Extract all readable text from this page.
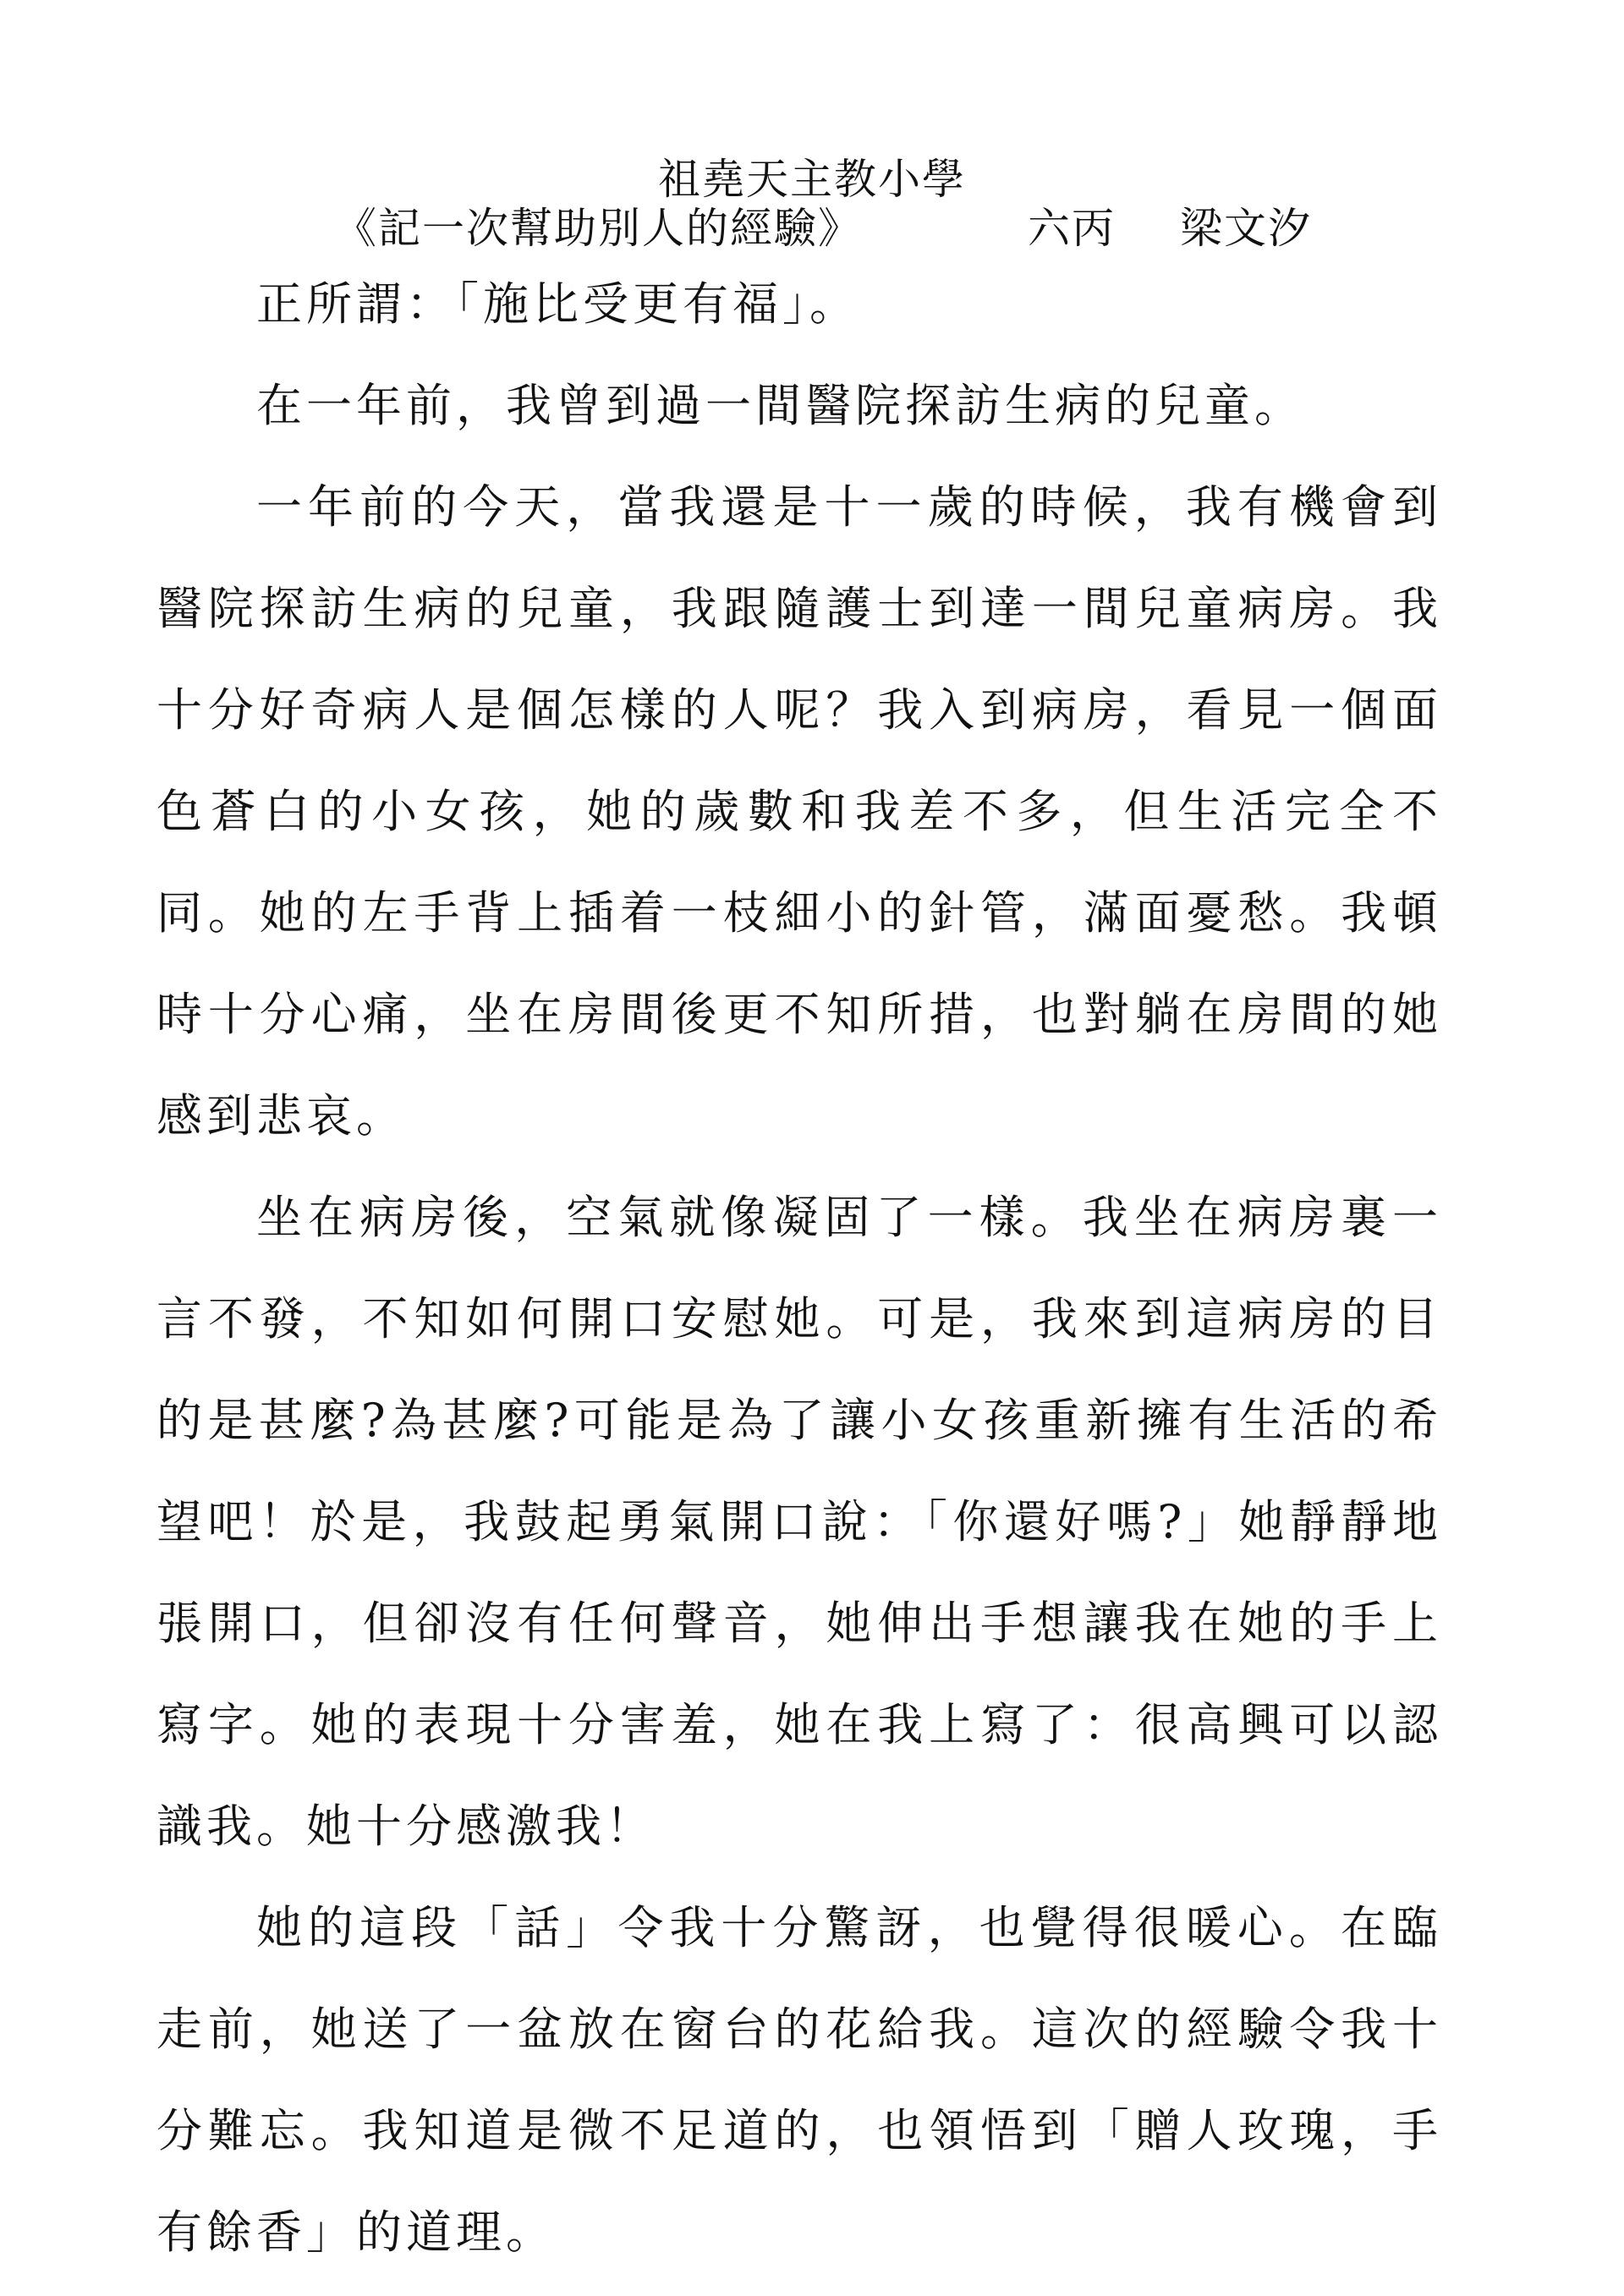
祖堯天主教小學
《記一次幫助別人的經驗》	六丙 梁文汐

正所謂：「施比受更有福」。

在一年前，我曾到過一間醫院探訪生病的兒童。

一年前的今天，當我還是十一歲的時候，我有機會到醫院探訪生病的兒童，我跟隨護士到達一間兒童病房。我十分好奇病人是個怎樣的人呢？我入到病房，看見一個面色蒼白的小女孩，她的歲數和我差不多，但生活完全不同。她的左手背上插着一枝細小的針管，滿面憂愁。我頓時十分心痛，坐在房間後更不知所措，也對躺在房間的她感到悲哀。

坐在病房後，空氣就像凝固了一樣。我坐在病房裏一言不發，不知如何開口安慰她。可是，我來到這病房的目的是甚麼?為甚麼?可能是為了讓小女孩重新擁有生活的希望吧！於是，我鼓起勇氣開口說：「你還好嗎?」她靜靜地張開口，但卻沒有任何聲音，她伸出手想讓我在她的手上寫字。她的表現十分害羞，她在我上寫了：很高興可以認識我。她十分感激我！

她的這段「話」令我十分驚訝，也覺得很暖心。在臨走前，她送了一盆放在窗台的花給我。這次的經驗令我十分難忘。我知道是微不足道的，也領悟到「贈人玫瑰，手有餘香」的道理。
